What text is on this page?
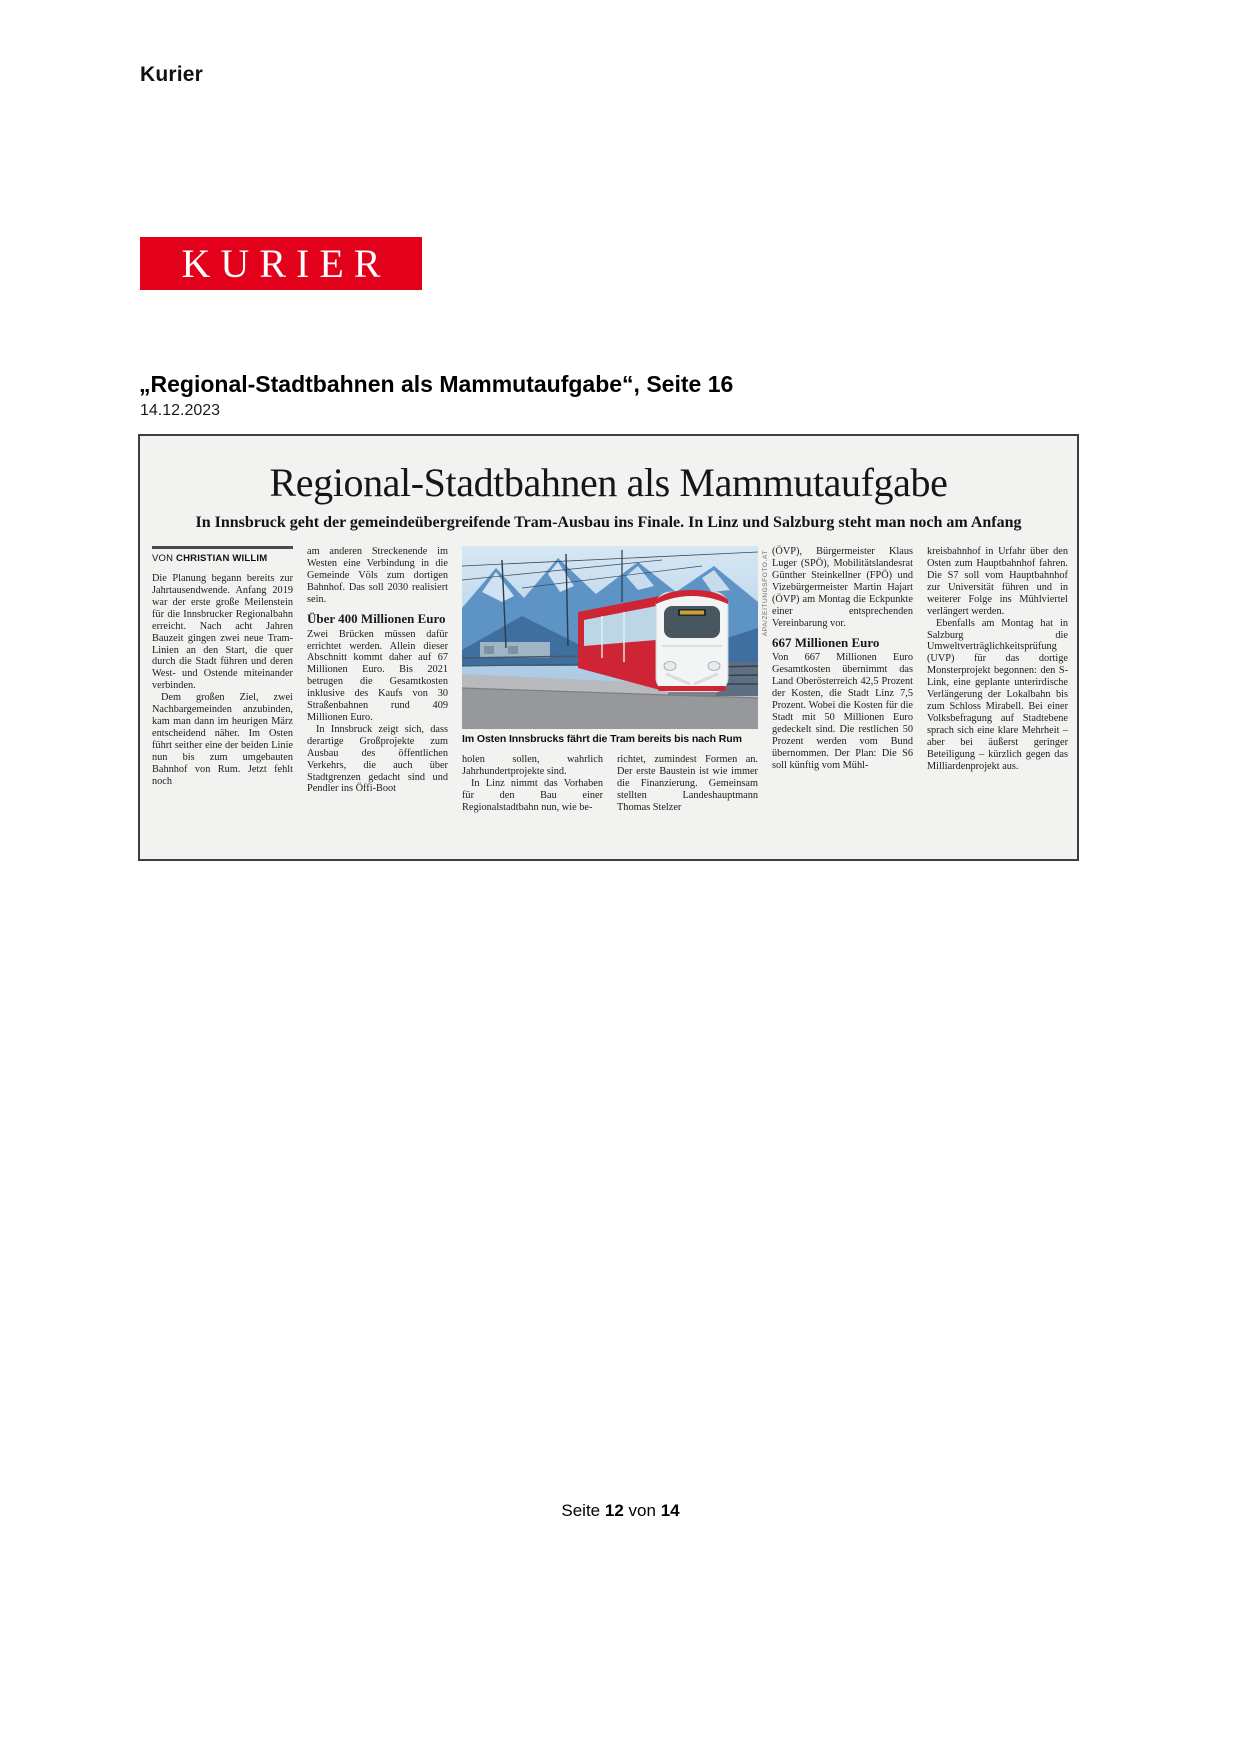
Kurier
KURIER
„Regional-Stadtbahnen als Mammutaufgabe“, Seite 16
14.12.2023
Regional-Stadtbahnen als Mammutaufgabe
In Innsbruck geht der gemeindeübergreifende Tram-Ausbau ins Finale. In Linz und Salzburg steht man noch am Anfang
VON CHRISTIAN WILLIM

Die Planung begann bereits zur Jahrtausendwende. Anfang 2019 war der erste große Meilenstein für die Innsbrucker Regionalbahn erreicht. Nach acht Jahren Bauzeit gingen zwei neue Tram-Linien an den Start, die quer durch die Stadt führen und deren West- und Ostende miteinander verbinden.

Dem großen Ziel, zwei Nachbargemeinden anzubinden, kam man dann im heurigen März entscheidend näher. Im Osten führt seither eine der beiden Linie nun bis zum umgebauten Bahnhof von Rum. Jetzt fehlt noch

am anderen Streckenende im Westen eine Verbindung in die Gemeinde Völs zum dortigen Bahnhof. Das soll 2030 realisiert sein.

Über 400 Millionen Euro

Zwei Brücken müssen dafür errichtet werden. Allein dieser Abschnitt kommt daher auf 67 Millionen Euro. Bis 2021 betrugen die Gesamtkosten inklusive des Kaufs von 30 Straßenbahnen rund 409 Millionen Euro.

In Innsbruck zeigt sich, dass derartige Großprojekte zum Ausbau des öffentlichen Verkehrs, die auch über Stadtgrenzen gedacht sind und Pendler ins Öffi-Boot

APA/ZEITUNGSFOTO.AT
Im Osten Innsbrucks fährt die Tram bereits bis nach Rum

holen sollen, wahrlich Jahrhundertprojekte sind.

In Linz nimmt das Vorhaben für den Bau einer Regionalstadtbahn nun, wie be-

richtet, zumindest Formen an. Der erste Baustein ist wie immer die Finanzierung. Gemeinsam stellten Landeshauptmann Thomas Stelzer

(ÖVP), Bürgermeister Klaus Luger (SPÖ), Mobilitätslandesrat Günther Steinkellner (FPÖ) und Vizebürgermeister Martin Hajart (ÖVP) am Montag die Eckpunkte einer entsprechenden Vereinbarung vor.

667 Millionen Euro

Von 667 Millionen Euro Gesamtkosten übernimmt das Land Oberösterreich 42,5 Prozent der Kosten, die Stadt Linz 7,5 Prozent. Wobei die Kosten für die Stadt mit 50 Millionen Euro gedeckelt sind. Die restlichen 50 Prozent werden vom Bund übernommen. Der Plan: Die S6 soll künftig vom Mühl-

kreisbahnhof in Urfahr über den Osten zum Hauptbahnhof fahren. Die S7 soll vom Hauptbahnhof zur Universität führen und in weiterer Folge ins Mühlviertel verlängert werden.

Ebenfalls am Montag hat in Salzburg die Umweltverträglichkeitsprüfung (UVP) für das dortige Monsterprojekt begonnen: den S-Link, eine geplante unterirdische Verlängerung der Lokalbahn bis zum Schloss Mirabell. Bei einer Volksbefragung auf Stadtebene sprach sich eine klare Mehrheit – aber bei äußerst geringer Beteiligung – kürzlich gegen das Milliardenprojekt aus.

Seite 12 von 14
